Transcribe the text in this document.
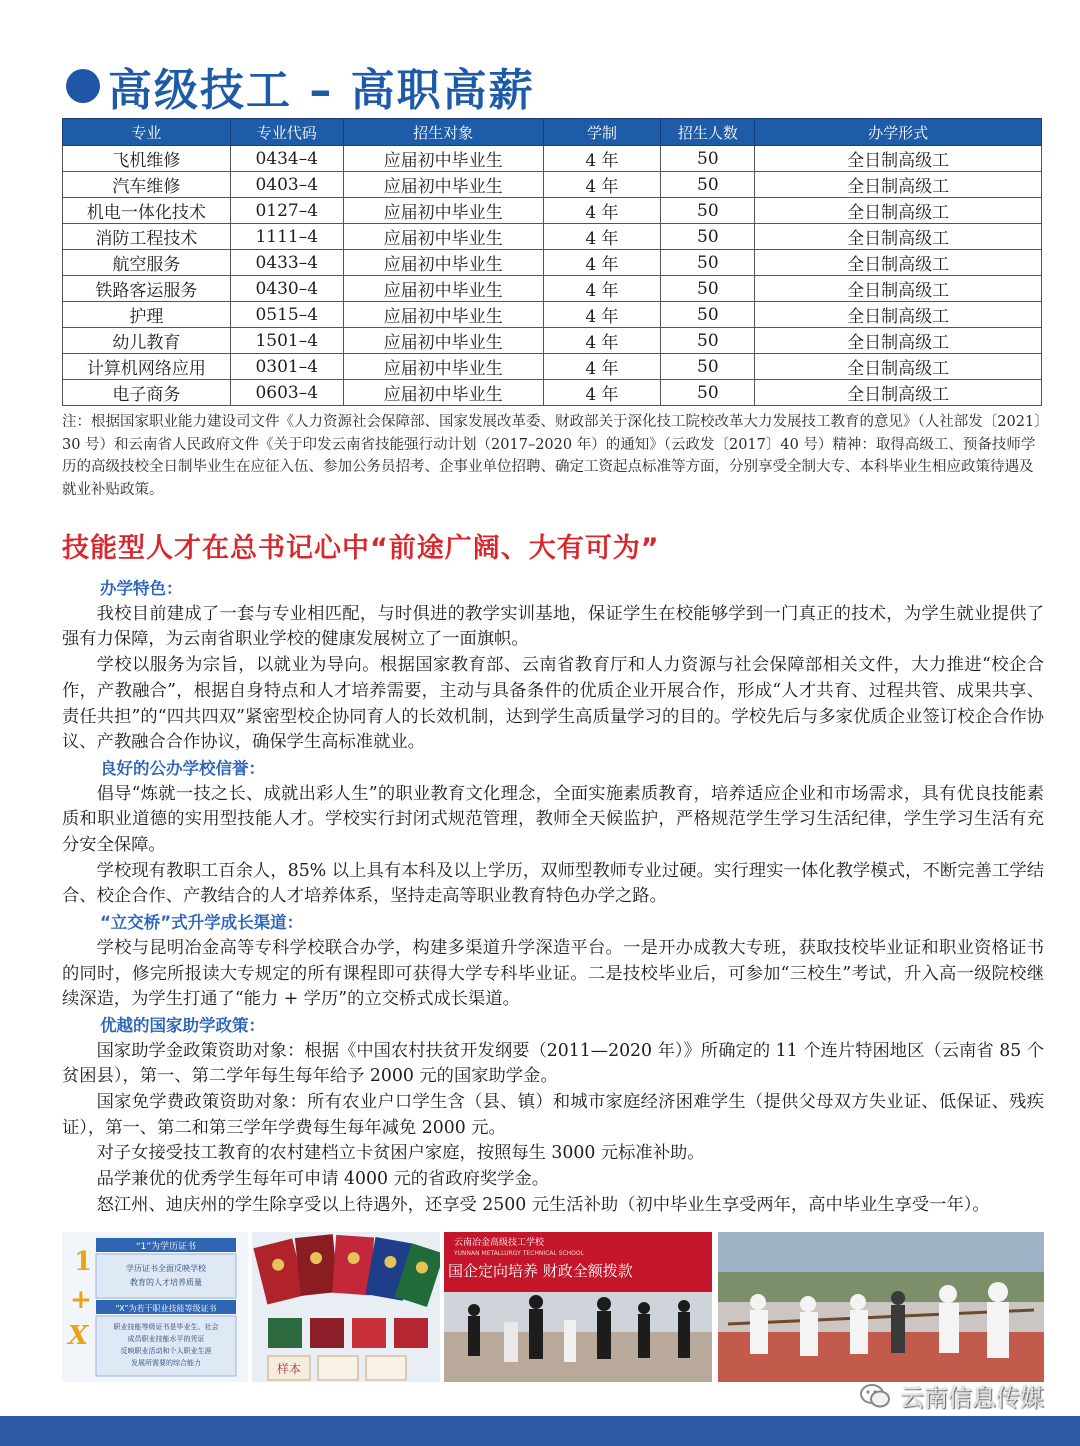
高级技工 – 高职高薪
专业	专业代码	招生对象	学制	招生人数	办学形式
飞机维修	0434–4	应届初中毕业生	4 年	50	全日制高级工
汽车维修	0403–4	应届初中毕业生	4 年	50	全日制高级工
机电一体化技术	0127–4	应届初中毕业生	4 年	50	全日制高级工
消防工程技术	1111–4	应届初中毕业生	4 年	50	全日制高级工
航空服务	0433–4	应届初中毕业生	4 年	50	全日制高级工
铁路客运服务	0430–4	应届初中毕业生	4 年	50	全日制高级工
护理	0515–4	应届初中毕业生	4 年	50	全日制高级工
幼儿教育	1501–4	应届初中毕业生	4 年	50	全日制高级工
计算机网络应用	0301–4	应届初中毕业生	4 年	50	全日制高级工
电子商务	0603–4	应届初中毕业生	4 年	50	全日制高级工
注：根据国家职业能力建设司文件《人力资源社会保障部、国家发展改革委、财政部关于深化技工院校改革大力发展技工教育的意见》（人社部发〔2021〕30 号）和云南省人民政府文件《关于印发云南省技能强行动计划（2017–2020 年）的通知》（云政发〔2017〕40 号）精神：取得高级工、预备技师学历的高级技校全日制毕业生在应征入伍、参加公务员招考、企事业单位招聘、确定工资起点标准等方面，分别享受全制大专、本科毕业生相应政策待遇及就业补贴政策。
技能型人才在总书记心中“前途广阔、大有可为”

办学特色：

我校目前建成了一套与专业相匹配，与时俱进的教学实训基地，保证学生在校能够学到一门真正的技术，为学生就业提供了强有力保障，为云南省职业学校的健康发展树立了一面旗帜。

学校以服务为宗旨，以就业为导向。根据国家教育部、云南省教育厅和人力资源与社会保障部相关文件，大力推进“校企合作，产教融合”，根据自身特点和人才培养需要，主动与具备条件的优质企业开展合作，形成“人才共育、过程共管、成果共享、责任共担”的“四共四双”紧密型校企协同育人的长效机制，达到学生高质量学习的目的。学校先后与多家优质企业签订校企合作协议、产教融合合作协议，确保学生高标准就业。

良好的公办学校信誉：

倡导“炼就一技之长、成就出彩人生”的职业教育文化理念，全面实施素质教育，培养适应企业和市场需求，具有优良技能素质和职业道德的实用型技能人才。学校实行封闭式规范管理，教师全天候监护，严格规范学生学习生活纪律，学生学习生活有充分安全保障。

学校现有教职工百余人，85% 以上具有本科及以上学历，双师型教师专业过硬。实行理实一体化教学模式，不断完善工学结合、校企合作、产教结合的人才培养体系，坚持走高等职业教育特色办学之路。

“立交桥”式升学成长渠道：

学校与昆明冶金高等专科学校联合办学，构建多渠道升学深造平台。一是开办成教大专班，获取技校毕业证和职业资格证书的同时，修完所报读大专规定的所有课程即可获得大学专科毕业证。二是技校毕业后，可参加“三校生”考试，升入高一级院校继续深造，为学生打通了“能力 + 学历”的立交桥式成长渠道。

优越的国家助学政策：

国家助学金政策资助对象：根据《中国农村扶贫开发纲要（2011—2020 年）》所确定的 11 个连片特困地区（云南省 85 个贫困县），第一、第二学年每生每年给予 2000 元的国家助学金。

国家免学费政策资助对象：所有农业户口学生含（县、镇）和城市家庭经济困难学生（提供父母双方失业证、低保证、残疾证），第一、第二和第三学年学费每生每年减免 2000 元。

对子女接受技工教育的农村建档立卡贫困户家庭，按照每生 3000 元标准补助。

品学兼优的优秀学生每年可申请 4000 元的省政府奖学金。

怒江州、迪庆州的学生除享受以上待遇外，还享受 2500 元生活补助（初中毕业生享受两年，高中毕业生享受一年）。

1
+
X
“1”为学历证书
学历证书全面反映学校
教育的人才培养质量
“X”为若干职业技能等级证书
职业技能等级证书是毕业生、社会
成员职业技能水平的凭证
反映职业活动和个人职业生涯
发展所需要的综合能力	样本
云南冶金高级技工学校
YUNNAN METALLURGY TECHNICAL SCHOOL
国企定向培养 财政全额拨款
云南信息传媒
